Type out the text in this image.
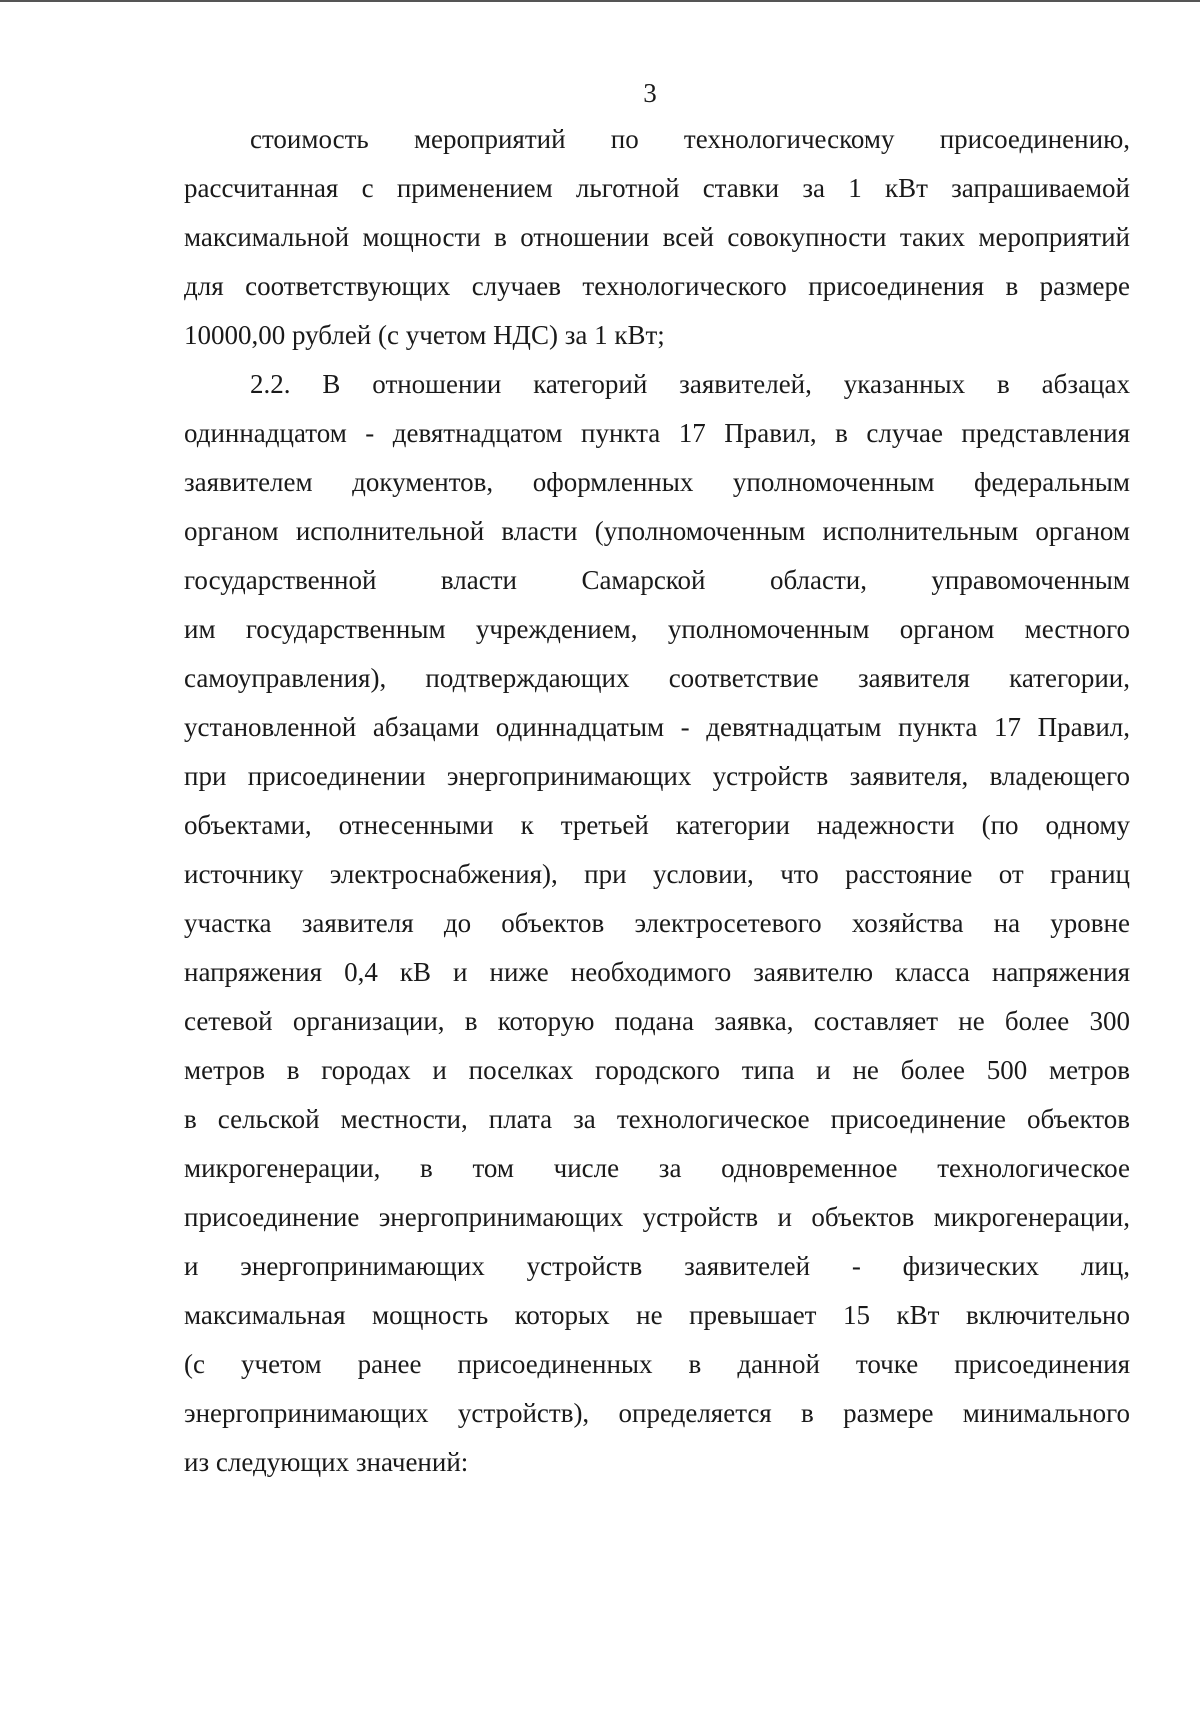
3
стоимость мероприятий по технологическому присоединению,
рассчитанная с применением льготной ставки за 1 кВт запрашиваемой
максимальной мощности в отношении всей совокупности таких мероприятий
для соответствующих случаев технологического присоединения в размере
10000,00 рублей (с учетом НДС) за 1 кВт;
2.2. В отношении категорий заявителей, указанных в абзацах
одиннадцатом - девятнадцатом пункта 17 Правил, в случае представления
заявителем документов, оформленных уполномоченным федеральным
органом исполнительной власти (уполномоченным исполнительным органом
государственной власти Самарской области, управомоченным
им государственным учреждением, уполномоченным органом местного
самоуправления), подтверждающих соответствие заявителя категории,
установленной абзацами одиннадцатым - девятнадцатым пункта 17 Правил,
при присоединении энергопринимающих устройств заявителя, владеющего
объектами, отнесенными к третьей категории надежности (по одному
источнику электроснабжения), при условии, что расстояние от границ
участка заявителя до объектов электросетевого хозяйства на уровне
напряжения 0,4 кВ и ниже необходимого заявителю класса напряжения
сетевой организации, в которую подана заявка, составляет не более 300
метров в городах и поселках городского типа и не более 500 метров
в сельской местности, плата за технологическое присоединение объектов
микрогенерации, в том числе за одновременное технологическое
присоединение энергопринимающих устройств и объектов микрогенерации,
и энергопринимающих устройств заявителей - физических лиц,
максимальная мощность которых не превышает 15 кВт включительно
(с учетом ранее присоединенных в данной точке присоединения
энергопринимающих устройств), определяется в размере минимального
из следующих значений:
